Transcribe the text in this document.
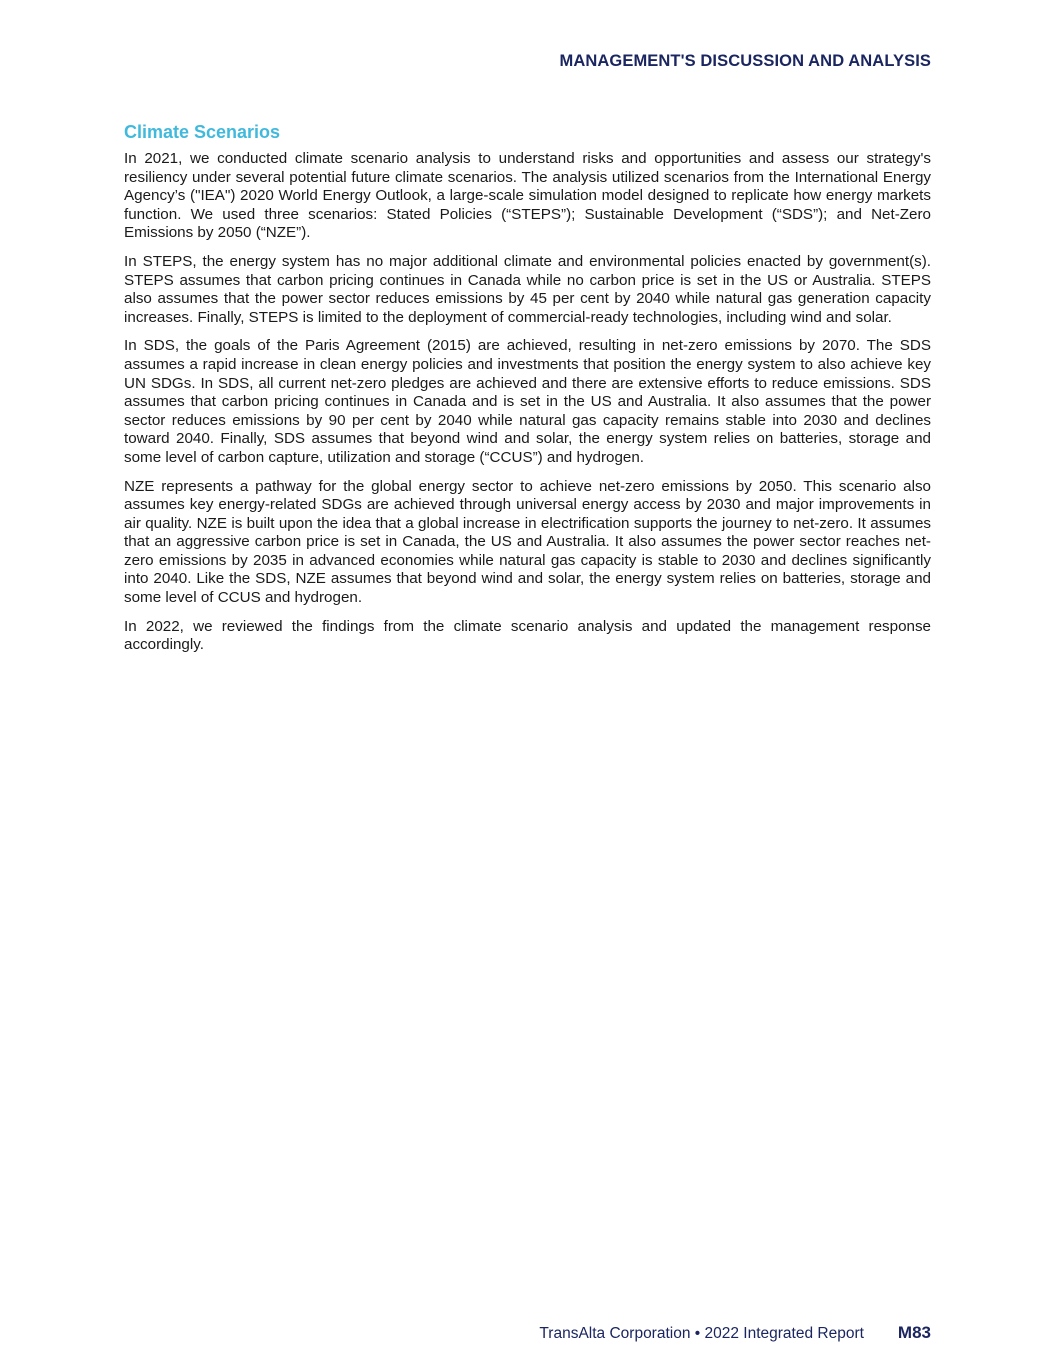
MANAGEMENT'S DISCUSSION AND ANALYSIS
Climate Scenarios

In 2021, we conducted climate scenario analysis to understand risks and opportunities and assess our strategy's resiliency under several potential future climate scenarios. The analysis utilized scenarios from the International Energy Agency’s ("IEA") 2020 World Energy Outlook, a large-scale simulation model designed to replicate how energy markets function. We used three scenarios: Stated Policies (“STEPS”); Sustainable Development (“SDS”); and Net-Zero Emissions by 2050 (“NZE”).

In STEPS, the energy system has no major additional climate and environmental policies enacted by government(s). STEPS assumes that carbon pricing continues in Canada while no carbon price is set in the US or Australia. STEPS also assumes that the power sector reduces emissions by 45 per cent by 2040 while natural gas generation capacity increases. Finally, STEPS is limited to the deployment of commercial-ready technologies, including wind and solar.

In SDS, the goals of the Paris Agreement (2015) are achieved, resulting in net-zero emissions by 2070. The SDS assumes a rapid increase in clean energy policies and investments that position the energy system to also achieve key UN SDGs. In SDS, all current net-zero pledges are achieved and there are extensive efforts to reduce emissions. SDS assumes that carbon pricing continues in Canada and is set in the US and Australia. It also assumes that the power sector reduces emissions by 90 per cent by 2040 while natural gas capacity remains stable into 2030 and declines toward 2040. Finally, SDS assumes that beyond wind and solar, the energy system relies on batteries, storage and some level of carbon capture, utilization and storage (“CCUS”) and hydrogen.

NZE represents a pathway for the global energy sector to achieve net-zero emissions by 2050. This scenario also assumes key energy-related SDGs are achieved through universal energy access by 2030 and major improvements in air quality. NZE is built upon the idea that a global increase in electrification supports the journey to net-zero. It assumes that an aggressive carbon price is set in Canada, the US and Australia. It also assumes the power sector reaches net-zero emissions by 2035 in advanced economies while natural gas capacity is stable to 2030 and declines significantly into 2040. Like the SDS, NZE assumes that beyond wind and solar, the energy system relies on batteries, storage and some level of CCUS and hydrogen.

In 2022, we reviewed the findings from the climate scenario analysis and updated the management response accordingly.

TransAlta Corporation • 2022 Integrated Report M83
